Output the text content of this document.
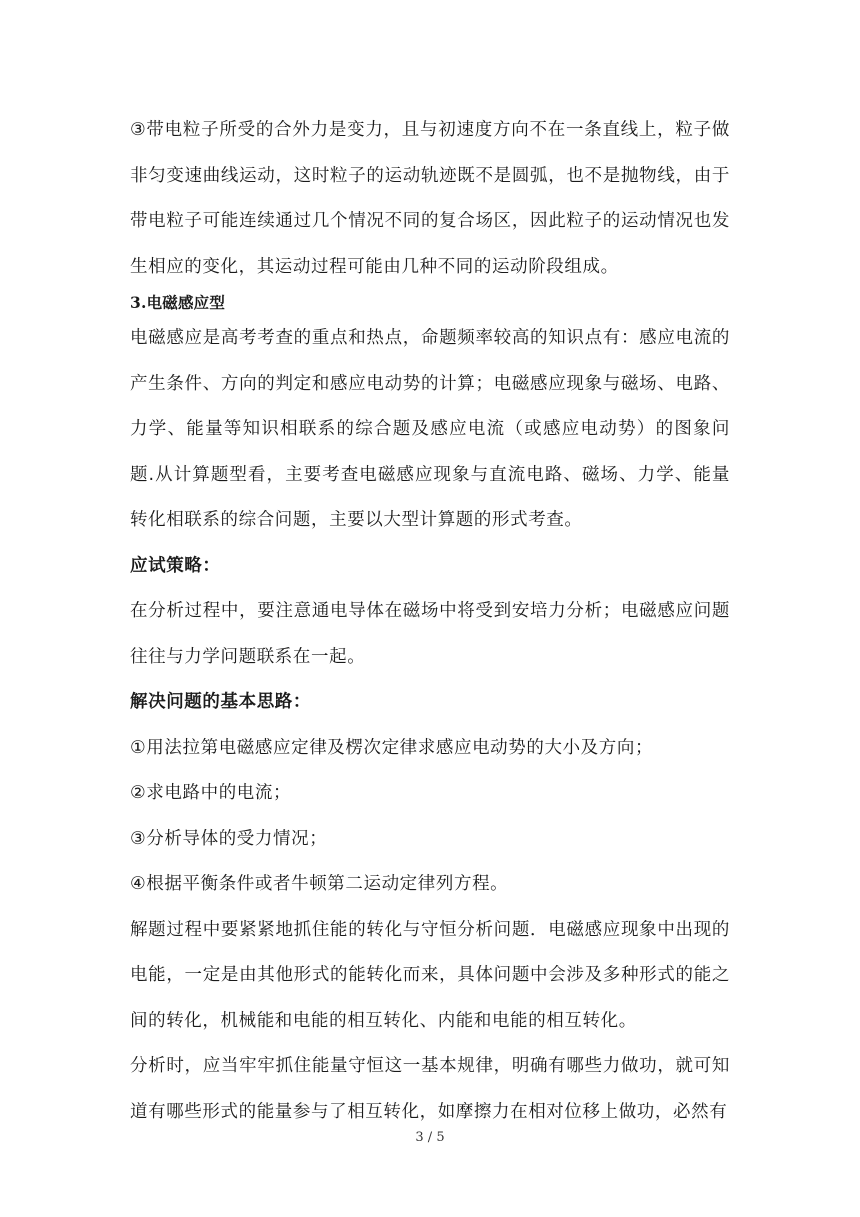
③带电粒子所受的合外力是变力，且与初速度方向不在一条直线上，粒子做非匀变速曲线运动，这时粒子的运动轨迹既不是圆弧，也不是抛物线，由于带电粒子可能连续通过几个情况不同的复合场区，因此粒子的运动情况也发生相应的变化，其运动过程可能由几种不同的运动阶段组成。

3.电磁感应型

电磁感应是高考考查的重点和热点，命题频率较高的知识点有：感应电流的产生条件、方向的判定和感应电动势的计算；电磁感应现象与磁场、电路、力学、能量等知识相联系的综合题及感应电流（或感应电动势）的图象问题.从计算题型看，主要考查电磁感应现象与直流电路、磁场、力学、能量转化相联系的综合问题，主要以大型计算题的形式考查。

应试策略：

在分析过程中，要注意通电导体在磁场中将受到安培力分析；电磁感应问题往往与力学问题联系在一起。

解决问题的基本思路：

①用法拉第电磁感应定律及楞次定律求感应电动势的大小及方向；

②求电路中的电流；

③分析导体的受力情况；

④根据平衡条件或者牛顿第二运动定律列方程。

解题过程中要紧紧地抓住能的转化与守恒分析问题．电磁感应现象中出现的电能，一定是由其他形式的能转化而来，具体问题中会涉及多种形式的能之间的转化，机械能和电能的相互转化、内能和电能的相互转化。

分析时，应当牢牢抓住能量守恒这一基本规律，明确有哪些力做功，就可知道有哪些形式的能量参与了相互转化，如摩擦力在相对位移上做功，必然有

3 / 5
